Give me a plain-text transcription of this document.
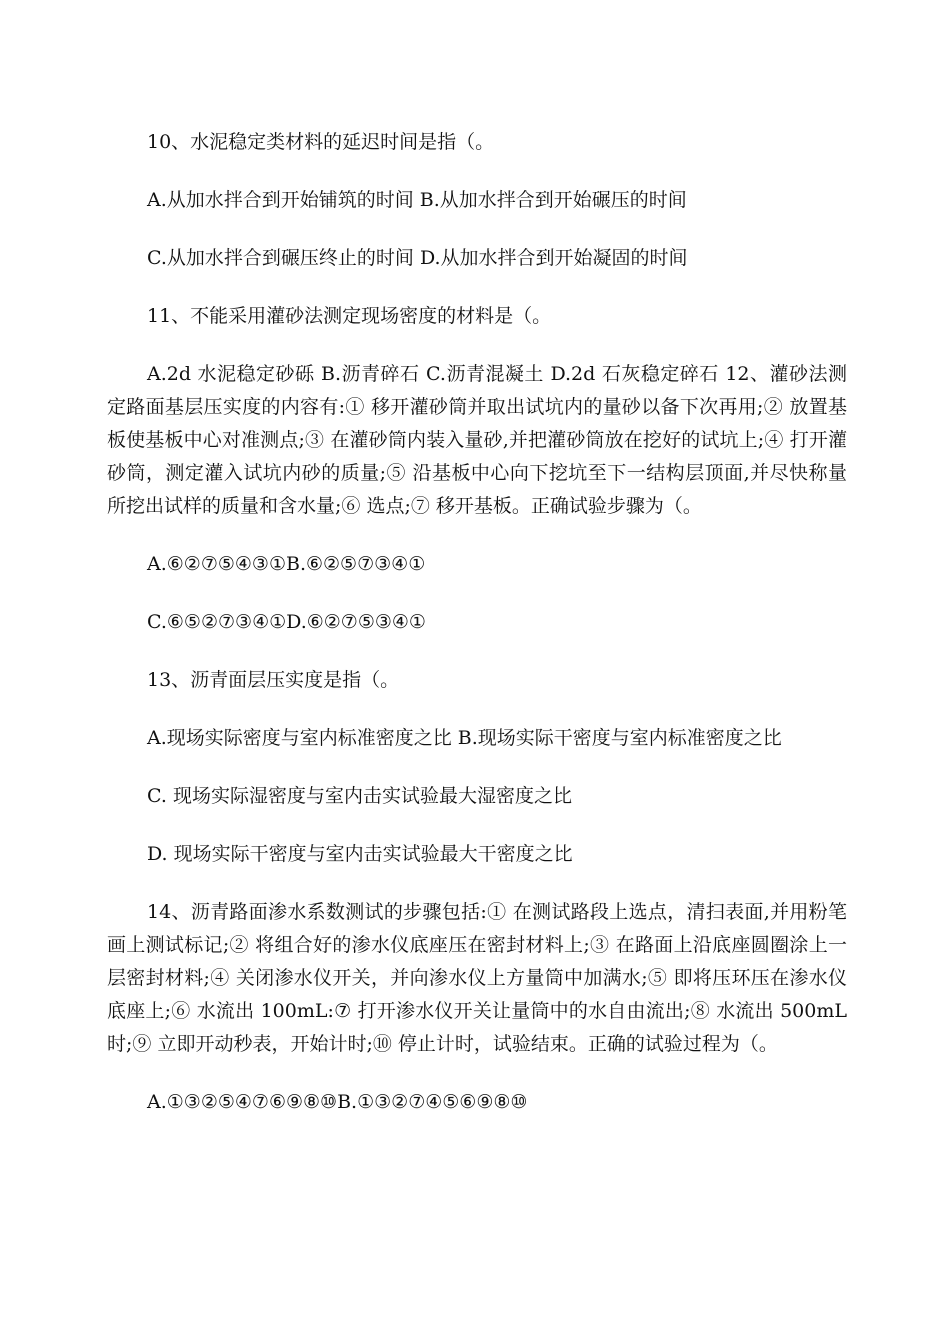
10、水泥稳定类材料的延迟时间是指（。

A.从加水拌合到开始铺筑的时间 B.从加水拌合到开始碾压的时间

C.从加水拌合到碾压终止的时间 D.从加水拌合到开始凝固的时间

11、不能采用灌砂法测定现场密度的材料是（。

A.2d 水泥稳定砂砾 B.沥青碎石 C.沥青混凝土 D.2d 石灰稳定碎石 12、灌砂法测定路面基层压实度的内容有:① 移开灌砂筒并取出试坑内的量砂以备下次再用;② 放置基板使基板中心对准测点;③ 在灌砂筒内装入量砂,并把灌砂筒放在挖好的试坑上;④ 打开灌砂筒，测定灌入试坑内砂的质量;⑤ 沿基板中心向下挖坑至下一结构层顶面,并尽快称量所挖出试样的质量和含水量;⑥ 选点;⑦ 移开基板。正确试验步骤为（。

A.⑥②⑦⑤④③①B.⑥②⑤⑦③④①

C.⑥⑤②⑦③④①D.⑥②⑦⑤③④①

13、沥青面层压实度是指（。

A.现场实际密度与室内标准密度之比 B.现场实际干密度与室内标准密度之比

C. 现场实际湿密度与室内击实试验最大湿密度之比

D. 现场实际干密度与室内击实试验最大干密度之比

14、沥青路面渗水系数测试的步骤包括:① 在测试路段上选点，清扫表面,并用粉笔画上测试标记;② 将组合好的渗水仪底座压在密封材料上;③ 在路面上沿底座圆圈涂上一层密封材料;④ 关闭渗水仪开关，并向渗水仪上方量筒中加满水;⑤ 即将压环压在渗水仪底座上;⑥ 水流出 100mL:⑦ 打开渗水仪开关让量筒中的水自由流出;⑧ 水流出 500mL 时;⑨ 立即开动秒表，开始计时;⑩ 停止计时，试验结束。正确的试验过程为（。

A.①③②⑤④⑦⑥⑨⑧⑩B.①③②⑦④⑤⑥⑨⑧⑩
